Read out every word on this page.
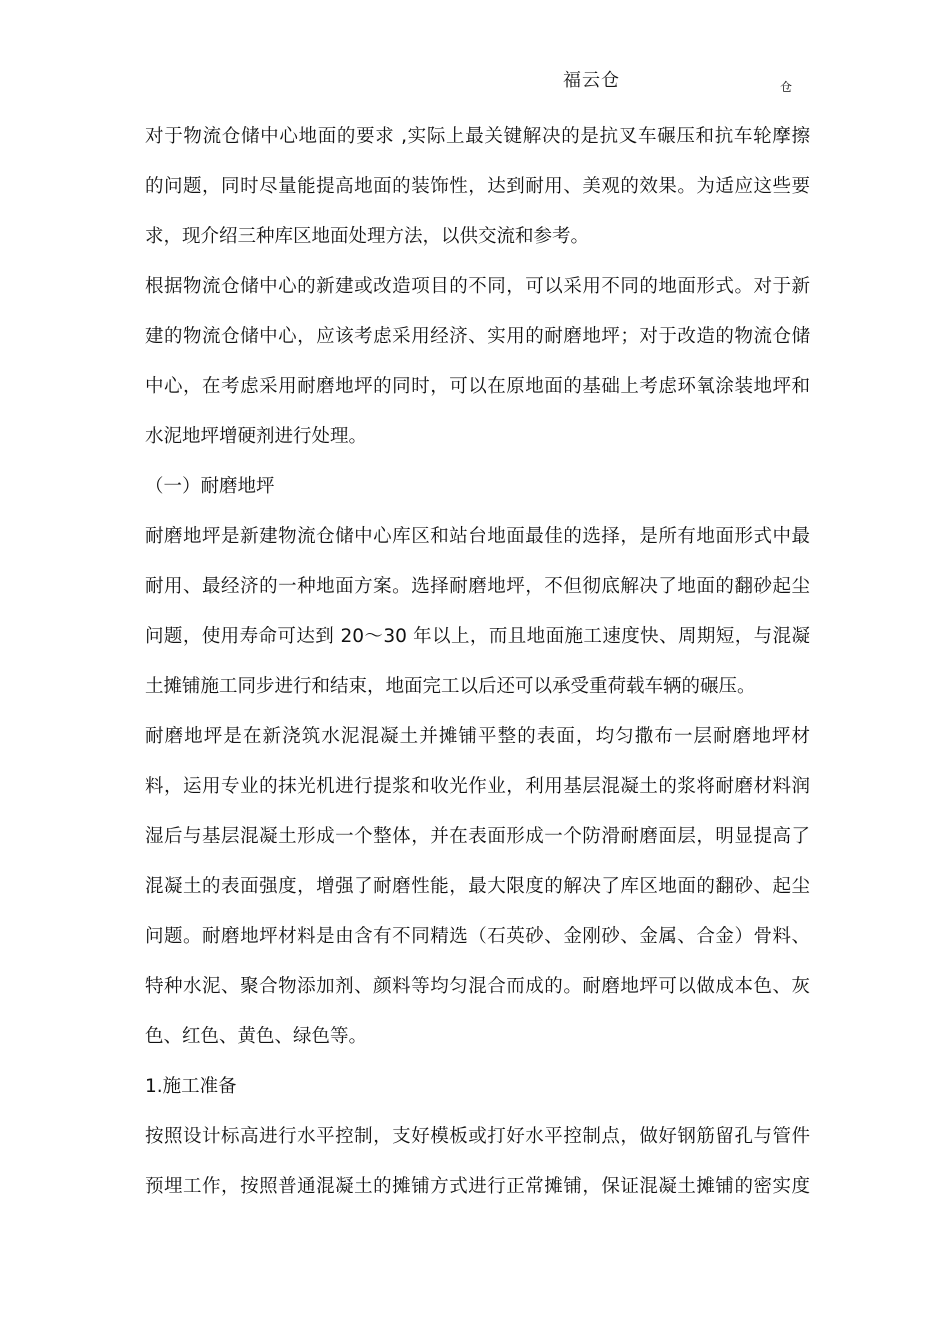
福云仓	仓
对于物流仓储中心地面的要求 ,实际上最关键解决的是抗叉车碾压和抗车轮摩擦
的问题，同时尽量能提高地面的装饰性，达到耐用、美观的效果。为适应这些要
求，现介绍三种库区地面处理方法，以供交流和参考。
根据物流仓储中心的新建或改造项目的不同，可以采用不同的地面形式。对于新
建的物流仓储中心，应该考虑采用经济、实用的耐磨地坪；对于改造的物流仓储
中心，在考虑采用耐磨地坪的同时，可以在原地面的基础上考虑环氧涂装地坪和
水泥地坪增硬剂进行处理。
（一）耐磨地坪
耐磨地坪是新建物流仓储中心库区和站台地面最佳的选择，是所有地面形式中最
耐用、最经济的一种地面方案。选择耐磨地坪，不但彻底解决了地面的翻砂起尘
问题，使用寿命可达到 20～30 年以上，而且地面施工速度快、周期短，与混凝
土摊铺施工同步进行和结束，地面完工以后还可以承受重荷载车辆的碾压。
耐磨地坪是在新浇筑水泥混凝土并摊铺平整的表面，均匀撒布一层耐磨地坪材
料，运用专业的抹光机进行提浆和收光作业，利用基层混凝土的浆将耐磨材料润
湿后与基层混凝土形成一个整体，并在表面形成一个防滑耐磨面层，明显提高了
混凝土的表面强度，增强了耐磨性能，最大限度的解决了库区地面的翻砂、起尘
问题。耐磨地坪材料是由含有不同精选（石英砂、金刚砂、金属、合金）骨料、
特种水泥、聚合物添加剂、颜料等均匀混合而成的。耐磨地坪可以做成本色、灰
色、红色、黄色、绿色等。
1.施工准备
按照设计标高进行水平控制，支好模板或打好水平控制点，做好钢筋留孔与管件
预埋工作，按照普通混凝土的摊铺方式进行正常摊铺，保证混凝土摊铺的密实度
